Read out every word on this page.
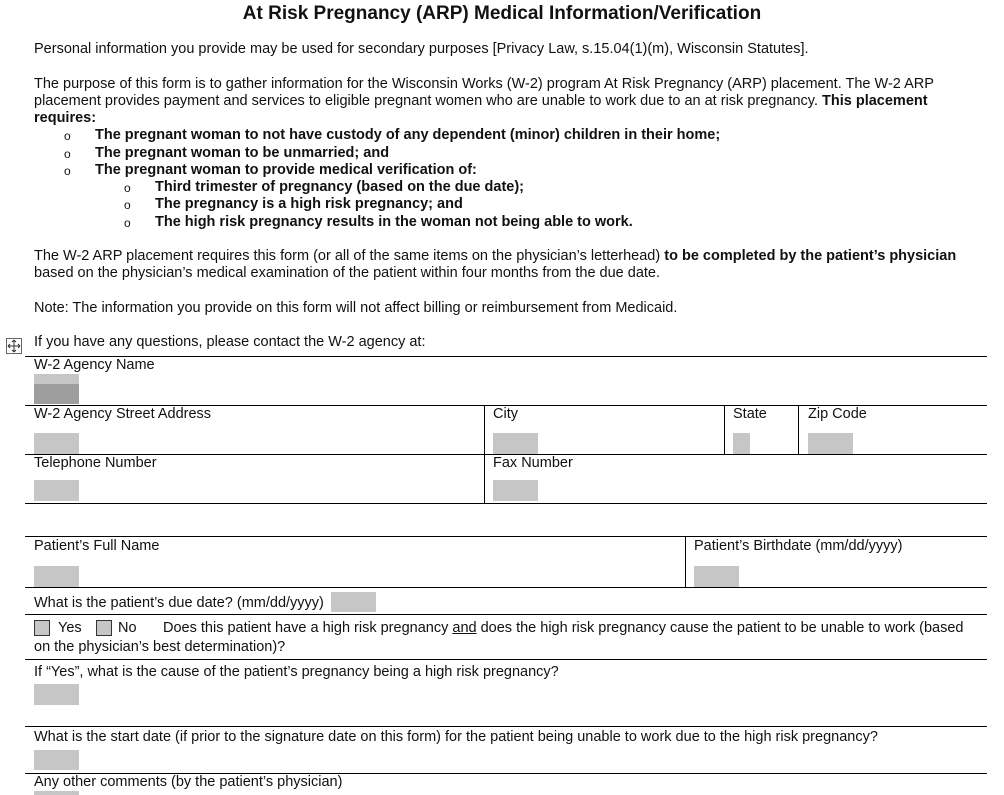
At Risk Pregnancy (ARP) Medical Information/Verification
Personal information you provide may be used for secondary purposes [Privacy Law, s.15.04(1)(m), Wisconsin Statutes].
The purpose of this form is to gather information for the Wisconsin Works (W-2) program At Risk Pregnancy (ARP) placement. The W-2 ARP placement provides payment and services to eligible pregnant women who are unable to work due to an at risk pregnancy. This placement requires:
o The pregnant woman to not have custody of any dependent (minor) children in their home;
o The pregnant woman to be unmarried; and
o The pregnant woman to provide medical verification of:
o Third trimester of pregnancy (based on the due date);
o The pregnancy is a high risk pregnancy; and
o The high risk pregnancy results in the woman not being able to work.
The W-2 ARP placement requires this form (or all of the same items on the physician’s letterhead) to be completed by the patient’s physician based on the physician’s medical examination of the patient within four months from the due date.
Note: The information you provide on this form will not affect billing or reimbursement from Medicaid.
If you have any questions, please contact the W-2 agency at:
W-2 Agency Name
W-2 Agency Street Address	City	State	Zip Code
Telephone Number	Fax Number
Patient’s Full Name	Patient’s Birthdate (mm/dd/yyyy)
What is the patient’s due date? (mm/dd/yyyy)
Yes	No Does this patient have a high risk pregnancy and does the high risk pregnancy cause the patient to be unable to work (based
on the physician’s best determination)?
If “Yes”, what is the cause of the patient’s pregnancy being a high risk pregnancy?
What is the start date (if prior to the signature date on this form) for the patient being unable to work due to the high risk pregnancy?
Any other comments (by the patient’s physician)
